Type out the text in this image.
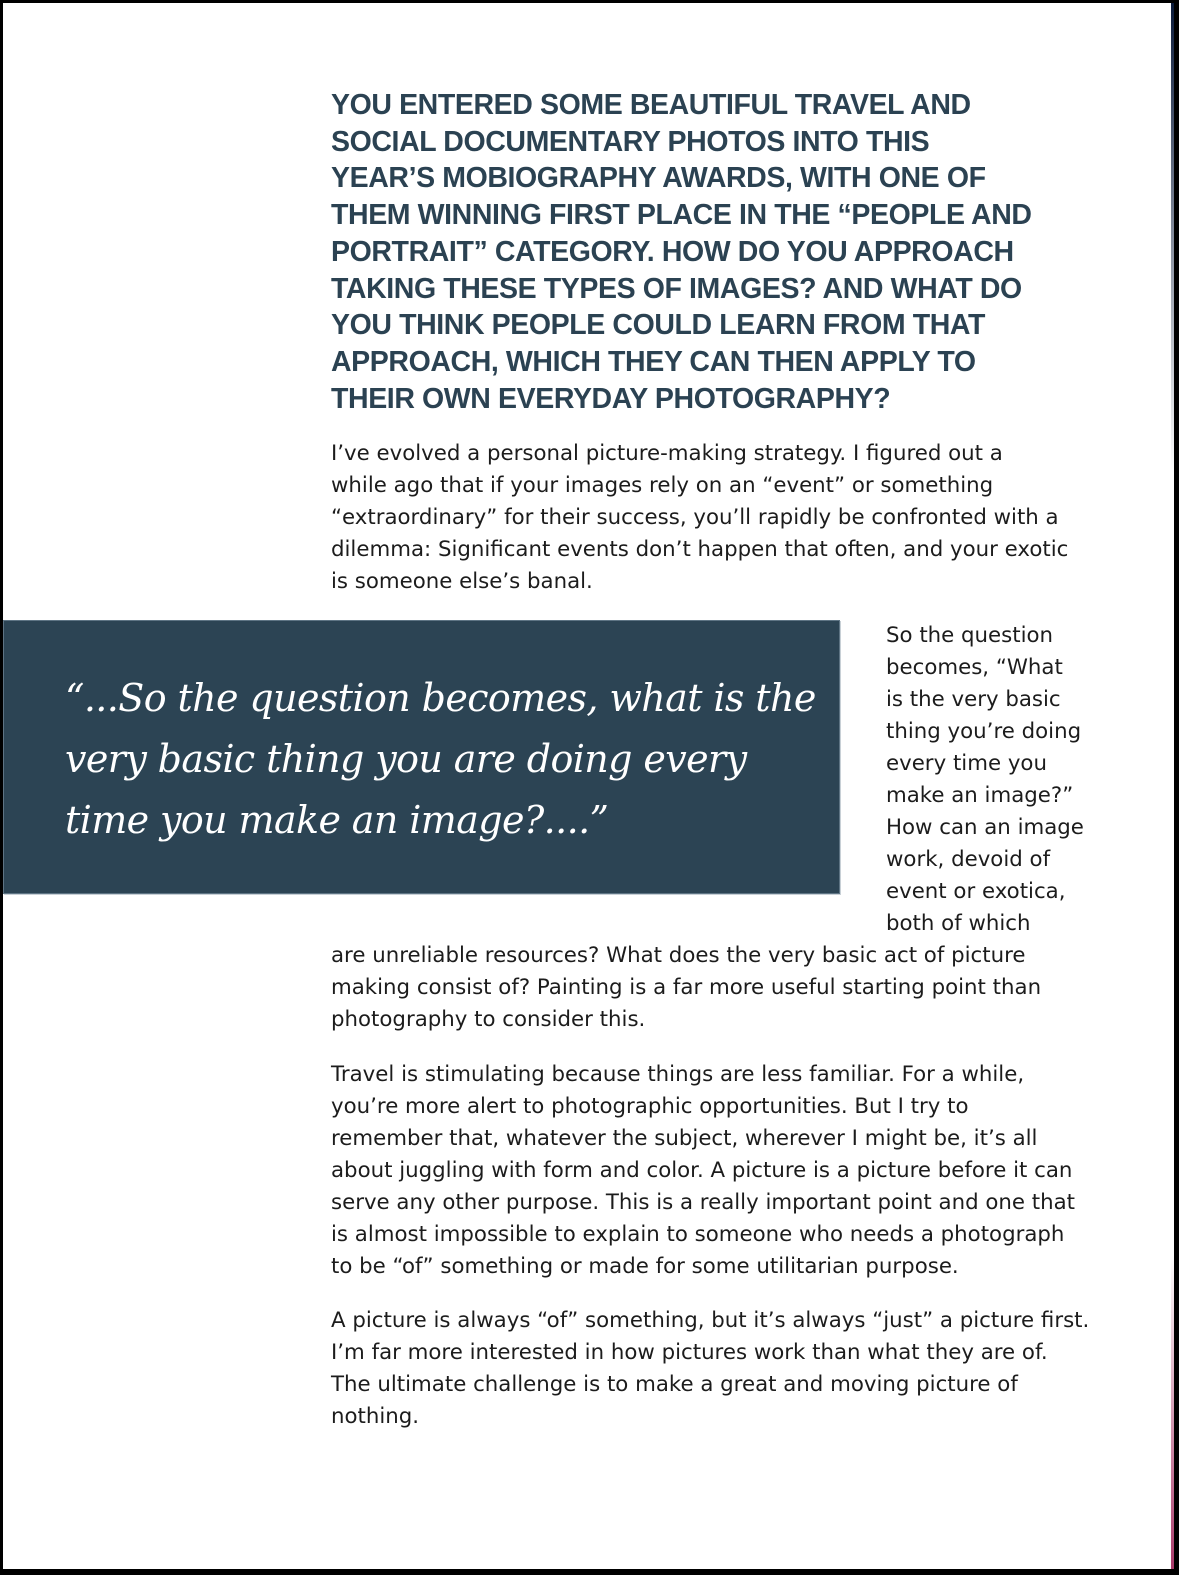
YOU ENTERED SOME BEAUTIFUL TRAVEL AND
SOCIAL DOCUMENTARY PHOTOS INTO THIS
YEAR’S MOBIOGRAPHY AWARDS, WITH ONE OF
THEM WINNING FIRST PLACE IN THE “PEOPLE AND
PORTRAIT” CATEGORY. HOW DO YOU APPROACH
TAKING THESE TYPES OF IMAGES? AND WHAT DO
YOU THINK PEOPLE COULD LEARN FROM THAT
APPROACH, WHICH THEY CAN THEN APPLY TO
THEIR OWN EVERYDAY PHOTOGRAPHY?

I’ve evolved a personal picture-making strategy. I figured out a
while ago that if your images rely on an “event” or something
“extraordinary” for their success, you’ll rapidly be confronted with a
dilemma: Significant events don’t happen that often, and your exotic
is someone else’s banal.

“...So the question becomes, what is the
very basic thing you are doing every
time you make an image?....”

So the question
becomes, “What
is the very basic
thing you’re doing
every time you
make an image?”
How can an image
work, devoid of
event or exotica,
both of which

are unreliable resources? What does the very basic act of picture
making consist of? Painting is a far more useful starting point than
photography to consider this.

Travel is stimulating because things are less familiar. For a while,
you’re more alert to photographic opportunities. But I try to
remember that, whatever the subject, wherever I might be, it’s all
about juggling with form and color. A picture is a picture before it can
serve any other purpose. This is a really important point and one that
is almost impossible to explain to someone who needs a photograph
to be “of” something or made for some utilitarian purpose.

A picture is always “of” something, but it’s always “just” a picture first.
I’m far more interested in how pictures work than what they are of.
The ultimate challenge is to make a great and moving picture of
nothing.
